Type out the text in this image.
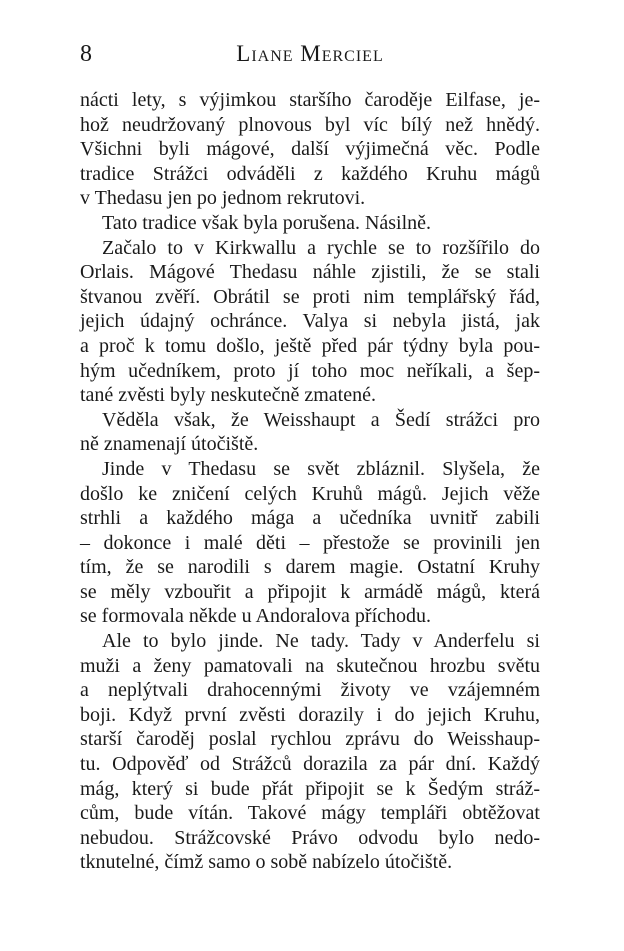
8	Liane Merciel
nácti lety, s výjimkou staršího čaroděje Eilfase, je-
hož neudržovaný plnovous byl víc bílý než hnědý.
Všichni byli mágové, další výjimečná věc. Podle
tradice Strážci odváděli z každého Kruhu mágů
v Thedasu jen po jednom rekrutovi.
Tato tradice však byla porušena. Násilně.
Začalo to v Kirkwallu a rychle se to rozšířilo do
Orlais. Mágové Thedasu náhle zjistili, že se stali
štvanou zvěří. Obrátil se proti nim templářský řád,
jejich údajný ochránce. Valya si nebyla jistá, jak
a proč k tomu došlo, ještě před pár týdny byla pou-
hým učedníkem, proto jí toho moc neříkali, a šep-
tané zvěsti byly neskutečně zmatené.
Věděla však, že Weisshaupt a Šedí strážci pro
ně znamenají útočiště.
Jinde v Thedasu se svět zbláznil. Slyšela, že
došlo ke zničení celých Kruhů mágů. Jejich věže
strhli a každého mága a učedníka uvnitř zabili
– dokonce i malé děti – přestože se provinili jen
tím, že se narodili s darem magie. Ostatní Kruhy
se měly vzbouřit a připojit k armádě mágů, která
se formovala někde u Andoralova příchodu.
Ale to bylo jinde. Ne tady. Tady v Anderfelu si
muži a ženy pamatovali na skutečnou hrozbu světu
a neplýtvali drahocennými životy ve vzájemném
boji. Když první zvěsti dorazily i do jejich Kruhu,
starší čaroděj poslal rychlou zprávu do Weisshaup-
tu. Odpověď od Strážců dorazila za pár dní. Každý
mág, který si bude přát připojit se k Šedým stráž-
cům, bude vítán. Takové mágy templáři obtěžovat
nebudou. Strážcovské Právo odvodu bylo nedo-
tknutelné, čímž samo o sobě nabízelo útočiště.
